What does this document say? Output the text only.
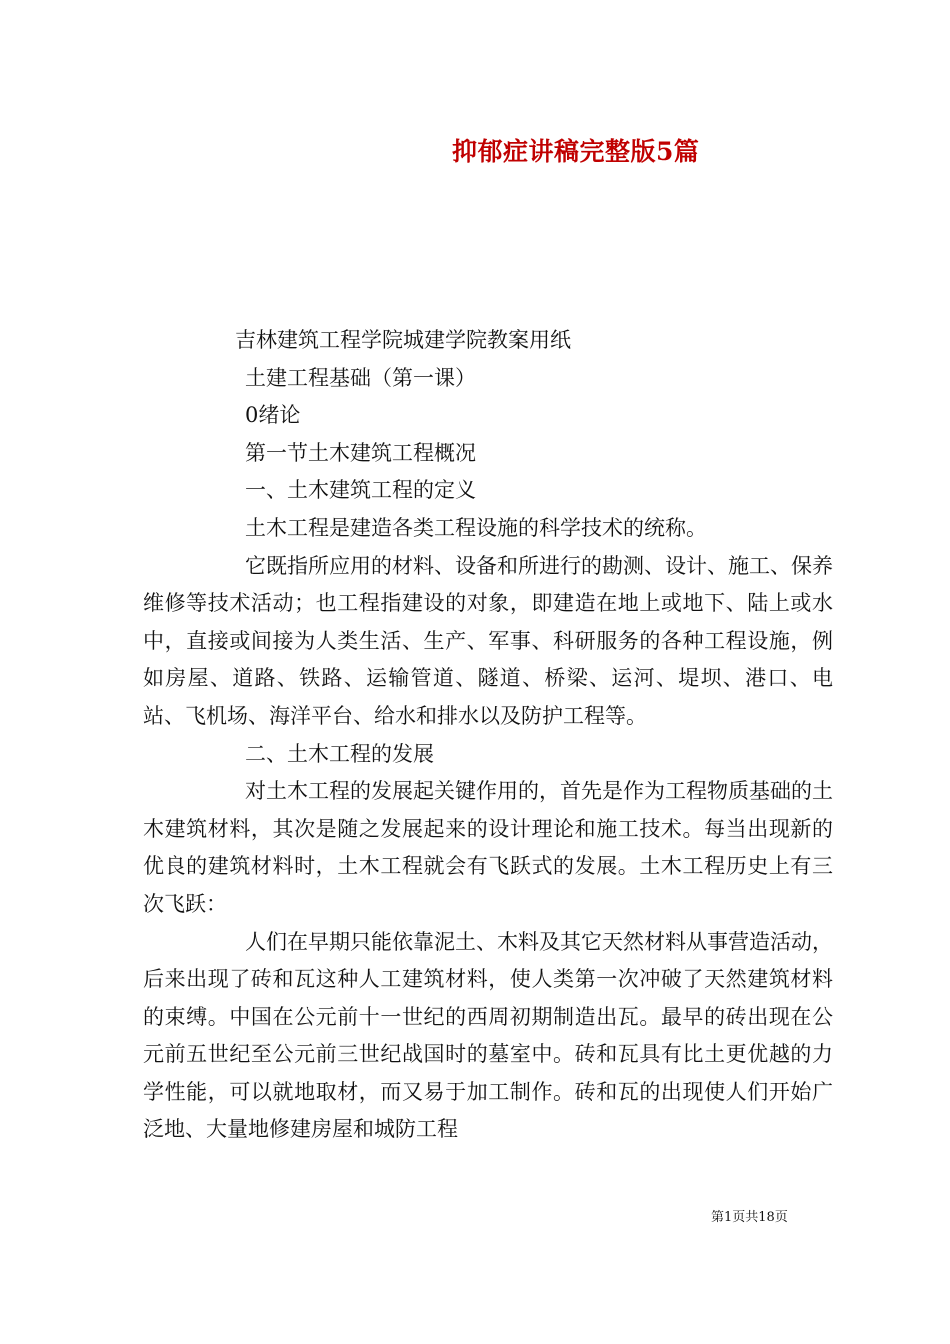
抑郁症讲稿完整版5篇
吉林建筑工程学院城建学院教案用纸
土建工程基础（第一课）
0绪论
第一节土木建筑工程概况
一、土木建筑工程的定义
土木工程是建造各类工程设施的科学技术的统称。

它既指所应用的材料、设备和所进行的勘测、设计、施工、保养维修等技术活动；也工程指建设的对象，即建造在地上或地下、陆上或水中，直接或间接为人类生活、生产、军事、科研服务的各种工程设施，例如房屋、道路、铁路、运输管道、隧道、桥梁、运河、堤坝、港口、电站、飞机场、海洋平台、给水和排水以及防护工程等。

二、土木工程的发展

对土木工程的发展起关键作用的，首先是作为工程物质基础的土木建筑材料，其次是随之发展起来的设计理论和施工技术。每当出现新的优良的建筑材料时，土木工程就会有飞跃式的发展。土木工程历史上有三次飞跃：

人们在早期只能依靠泥土、木料及其它天然材料从事营造活动，后来出现了砖和瓦这种人工建筑材料，使人类第一次冲破了天然建筑材料的束缚。中国在公元前十一世纪的西周初期制造出瓦。最早的砖出现在公元前五世纪至公元前三世纪战国时的墓室中。砖和瓦具有比土更优越的力学性能，可以就地取材，而又易于加工制作。砖和瓦的出现使人们开始广泛地、大量地修建房屋和城防工程

第1页共18页
